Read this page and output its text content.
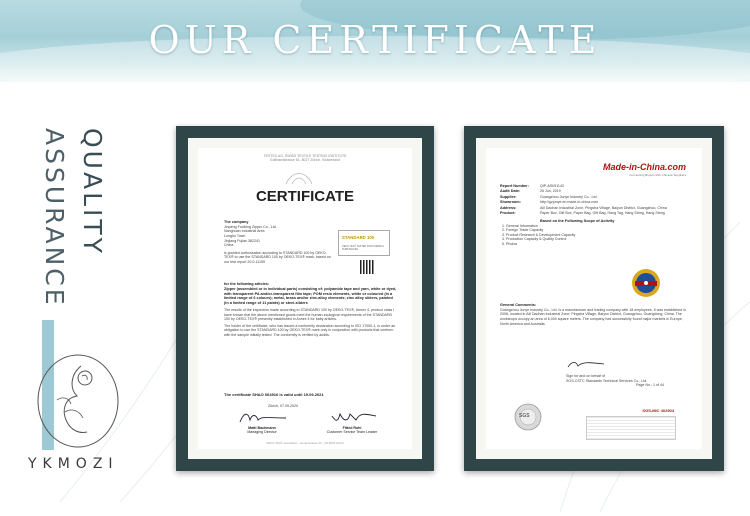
OUR CERTIFICATE
QUALITY
ASSURANCE
YKMOZI
TESTEX AG, SWISS TEXTILE TESTING INSTITUTE
Gotthardstrasse 61, 8027 Zürich, Switzerland
CERTIFICATE
The company
Jinpeng Fuxiking Zipper Co., Ltd.
Nanghuan Industrial Area
Longhu Town
Jinjiang Fujian 362241
China
is granted authorisation according to STANDARD 100 by OEKO-TEX® to use the STANDARD 100 by OEKO-TEX® mark, based on our test report 20.0-11159
STANDARD 100
OEKO-TEX® TESTED FOR HARMFUL SUBSTANCES
for the following articles:
Zipper (assembled or in individual parts) consisting of: polyamide tape and yarn, white or dyed, with transparent PA and/or-transparent film tape; POM resin elements, white or coloured (in a limited range of 6 colours); metal, brass and/or zinc-alloy elements; zinc alloy sliders, painted (in a limited range of 11 paints) or steel-sliders
The results of the inspection made according to STANDARD 100 by OEKO-TEX®, Annex 4, product class I have shown that the above mentioned goods meet the human-ecological requirements of the STANDARD 100 by OEKO-TEX® presently established in Annex 4 for baby articles.
The holder of the certificate, who has issued a conformity declaration according to ISO 17050-1, is under an obligation to use the STANDARD 100 by OEKO-TEX® mark only in conjunction with products that conform with the sample initially tested. The conformity is verified by audits.
The certificate SHAO 064916 is valid until 19.09.2021
Zürich, 07.09.2020
Matti Bachmann
Managing Director
Fitted Rohl
Customer Service Team Leader
OEKO-TEX® Association · Genferstrasse 23 · CH-8002 Zürich
Made-in-China.com
Connecting Buyers with Chinese Suppliers
Report Number:	QIP-ASI/91143
Audit Date:	26 Jun, 2019
Supplier:	Guangzhou Junye Industry Co., Ltd.
Showroom:	http://gzjunye.en.made-in-china.com
Address:	Aill Daohan Industrial Zone, Pingsha Village, Baiyun District, Guangzhou, China
Product:	Paper Box, Gift Box, Paper Bag, Gift Bag, Hang Tag, Hang String, Hang String
Based on the Following Scope of Activity
1. General Information
2. Foreign Trade Capacity
3. Product Research & Development Capacity
4. Production Capacity & Quality Control
5. Photos
General Comments:
Guangzhou Junye Industry Co., Ltd. is a manufacturer and trading company with 18 employees. It was established in 2008, located in Aill Daohan Industrial Zone, Pingsha Village, Baiyun District, Guangzhou, Guangdong, China. The workshops occupy an area of 6,000 square meters. The company has successfully found major markets in Europe, North America and Australia.
Sign for and on behalf of
SGS-CSTC Standards Technical Services Co., Ltd.
Page No.: 1 of 44
SGS
SGS-MIC 402904
